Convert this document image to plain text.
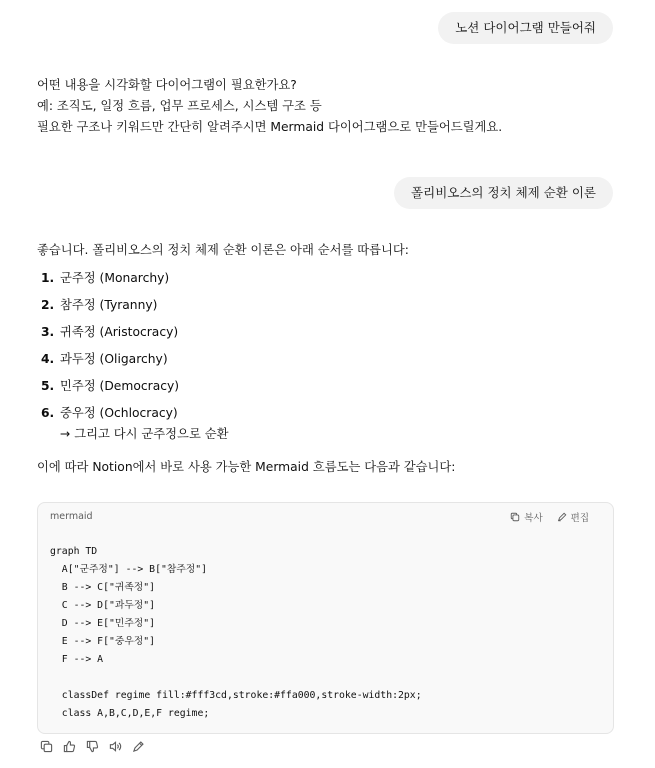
노션 다이어그램 만들어줘
어떤 내용을 시각화할 다이어그램이 필요한가요?
예: 조직도, 일정 흐름, 업무 프로세스, 시스템 구조 등
필요한 구조나 키워드만 간단히 알려주시면 Mermaid 다이어그램으로 만들어드릴게요.
폴리비오스의 정치 체제 순환 이론
좋습니다. 폴리비오스의 정치 체제 순환 이론은 아래 순서를 따릅니다:
1. 군주정 (Monarchy)
2. 참주정 (Tyranny)
3. 귀족정 (Aristocracy)
4. 과두정 (Oligarchy)
5. 민주정 (Democracy)
6. 중우정 (Ochlocracy)
→ 그리고 다시 군주정으로 순환
이에 따라 Notion에서 바로 사용 가능한 Mermaid 흐름도는 다음과 같습니다:
mermaid	복사	편집
graph TD
A["군주정"] --> B["참주정"]
B --> C["귀족정"]
C --> D["과두정"]
D --> E["민주정"]
E --> F["중우정"]
F --> A

classDef regime fill:#fff3cd,stroke:#ffa000,stroke-width:2px;
class A,B,C,D,E,F regime;
